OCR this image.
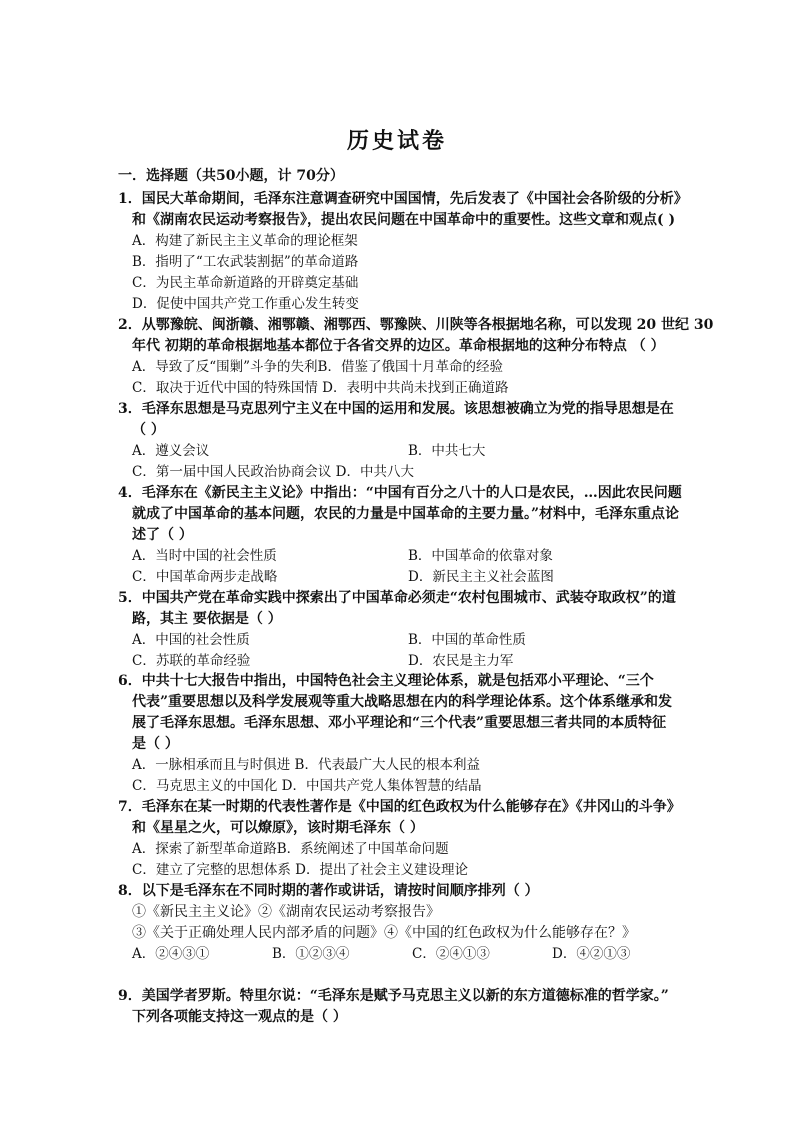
历史试卷
一．选择题（共50小题，计 70分）
1．国民大革命期间，毛泽东注意调查研究中国国情，先后发表了《中国社会各阶级的分析》
和《湖南农民运动考察报告》，提出农民问题在中国革命中的重要性。这些文章和观点( )
A．构建了新民主主义革命的理论框架
B．指明了“工农武装割据”的革命道路
C．为民主革命新道路的开辟奠定基础
D．促使中国共产党工作重心发生转变
2．从鄂豫皖、闽浙赣、湘鄂赣、湘鄂西、鄂豫陕、川陕等各根据地名称，可以发现 20 世纪 30
年代 初期的革命根据地基本都位于各省交界的边区。革命根据地的这种分布特点 （ ）
A．导致了反“围剿”斗争的失利B．借鉴了俄国十月革命的经验
C．取决于近代中国的特殊国情 D．表明中共尚未找到正确道路
3．毛泽东思想是马克思列宁主义在中国的运用和发展。该思想被确立为党的指导思想是在
（ ）
A．遵义会议	B．中共七大
C．第一届中国人民政治协商会议 D．中共八大
4．毛泽东在《新民主主义论》中指出：“中国有百分之八十的人口是农民，…因此农民问题
就成了中国革命的基本问题，农民的力量是中国革命的主要力量。”材料中，毛泽东重点论
述了（ ）
A．当时中国的社会性质	B．中国革命的依靠对象
C．中国革命两步走战略	D．新民主主义社会蓝图
5．中国共产党在革命实践中探索出了中国革命必须走“农村包围城市、武装夺取政权”的道
路，其主 要依据是（ ）
A．中国的社会性质	B．中国的革命性质
C．苏联的革命经验	D．农民是主力军
6．中共十七大报告中指出，中国特色社会主义理论体系，就是包括邓小平理论、“三个
代表”重要思想以及科学发展观等重大战略思想在内的科学理论体系。这个体系继承和发
展了毛泽东思想。毛泽东思想、邓小平理论和“三个代表”重要思想三者共同的本质特征
是（ ）
A．一脉相承而且与时俱进 B．代表最广大人民的根本利益
C．马克思主义的中国化 D．中国共产党人集体智慧的结晶
7．毛泽东在某一时期的代表性著作是《中国的红色政权为什么能够存在》《井冈山的斗争》
和《星星之火，可以燎原》，该时期毛泽东（ ）
A．探索了新型革命道路B．系统阐述了中国革命问题
C．建立了完整的思想体系 D．提出了社会主义建设理论
8．以下是毛泽东在不同时期的著作或讲话，请按时间顺序排列（ ）
①《新民主主义论》②《湖南农民运动考察报告》
③《关于正确处理人民内部矛盾的问题》④《中国的红色政权为什么能够存在？》
A．②④③①	B．①②③④	C．②④①③	D．④②①③
9．美国学者罗斯。特里尔说：“毛泽东是赋予马克思主义以新的东方道德标准的哲学家。”
下列各项能支持这一观点的是（ ）
